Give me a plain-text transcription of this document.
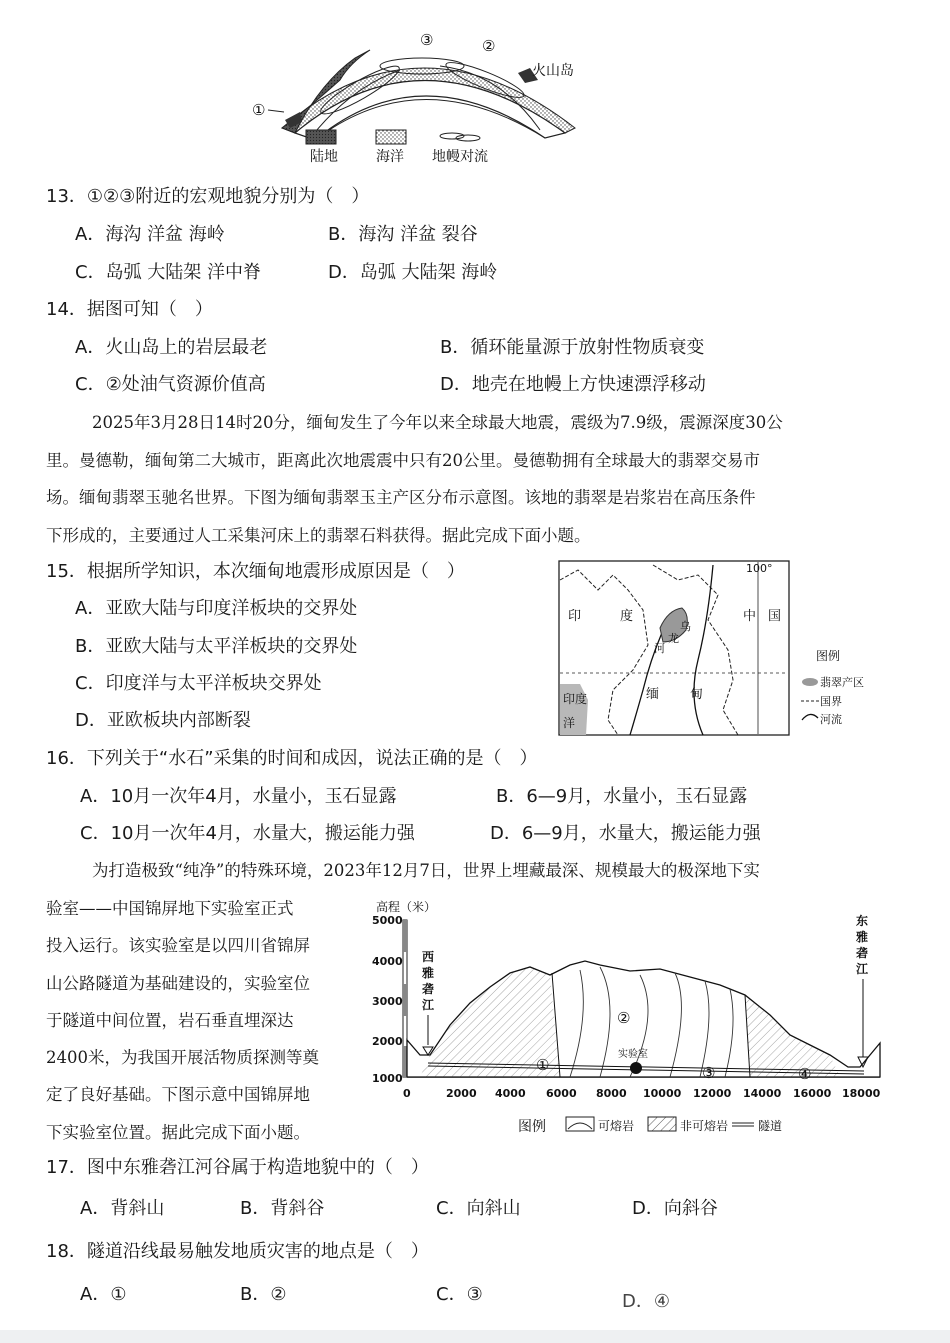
③	②
①
火山岛
陆地	海洋 地幔对流
13．①②③附近的宏观地貌分别为（　）
A．海沟 洋盆 海岭	B．海沟 洋盆 裂谷
C．岛弧 大陆架 洋中脊	D．岛弧 大陆架 海岭
14．据图可知（　）
A．火山岛上的岩层最老	B．循环能量源于放射性物质衰变
C．②处油气资源价值高	D．地壳在地幔上方快速漂浮移动
2025年3月28日14时20分，缅甸发生了今年以来全球最大地震，震级为7.9级，震源深度30公
里。曼德勒，缅甸第二大城市，距离此次地震震中只有20公里。曼德勒拥有全球最大的翡翠交易市
场。缅甸翡翠玉驰名世界。下图为缅甸翡翠玉主产区分布示意图。该地的翡翠是岩浆岩在高压条件
下形成的，主要通过人工采集河床上的翡翠石料获得。据此完成下面小题。
15．根据所学知识，本次缅甸地震形成原因是（　）
A．亚欧大陆与印度洋板块的交界处
B．亚欧大陆与太平洋板块的交界处
C．印度洋与太平洋板块交界处
D．亚欧板块内部断裂
100°
印	度	中 国
缅 甸
印 度
洋
乌
龙
河
图例
翡翠产区
国界
河流
16．下列关于“水石”采集的时间和成因，说法正确的是（　）
A．10月一次年4月，水量小，玉石显露	B．6—9月，水量小，玉石显露
C．10月一次年4月，水量大，搬运能力强	D．6—9月，水量大，搬运能力强
为打造极致“纯净”的特殊环境，2023年12月7日，世界上埋藏最深、规模最大的极深地下实
验室——中国锦屏地下实验室正式
投入运行。该实验室是以四川省锦屏
山公路隧道为基础建设的，实验室位
于隧道中间位置，岩石垂直埋深达
2400米，为我国开展活物质探测等奠
定了良好基础。下图示意中国锦屏地
下实验室位置。据此完成下面小题。
高程（米）
5000
4000
3000
2000
1000
实验室
①
②
③	④
西
雅
砻
江
东
雅
砻
江
0	2000 4000 6000 8000 10000 12000 14000 16000 18000
图例	可熔岩	非可熔岩 隧道
17．图中东雅砻江河谷属于构造地貌中的（　）
A．背斜山	B．背斜谷	C．向斜山	D．向斜谷
18．隧道沿线最易触发地质灾害的地点是（　）
A．①	B．②	C．③	D．④
